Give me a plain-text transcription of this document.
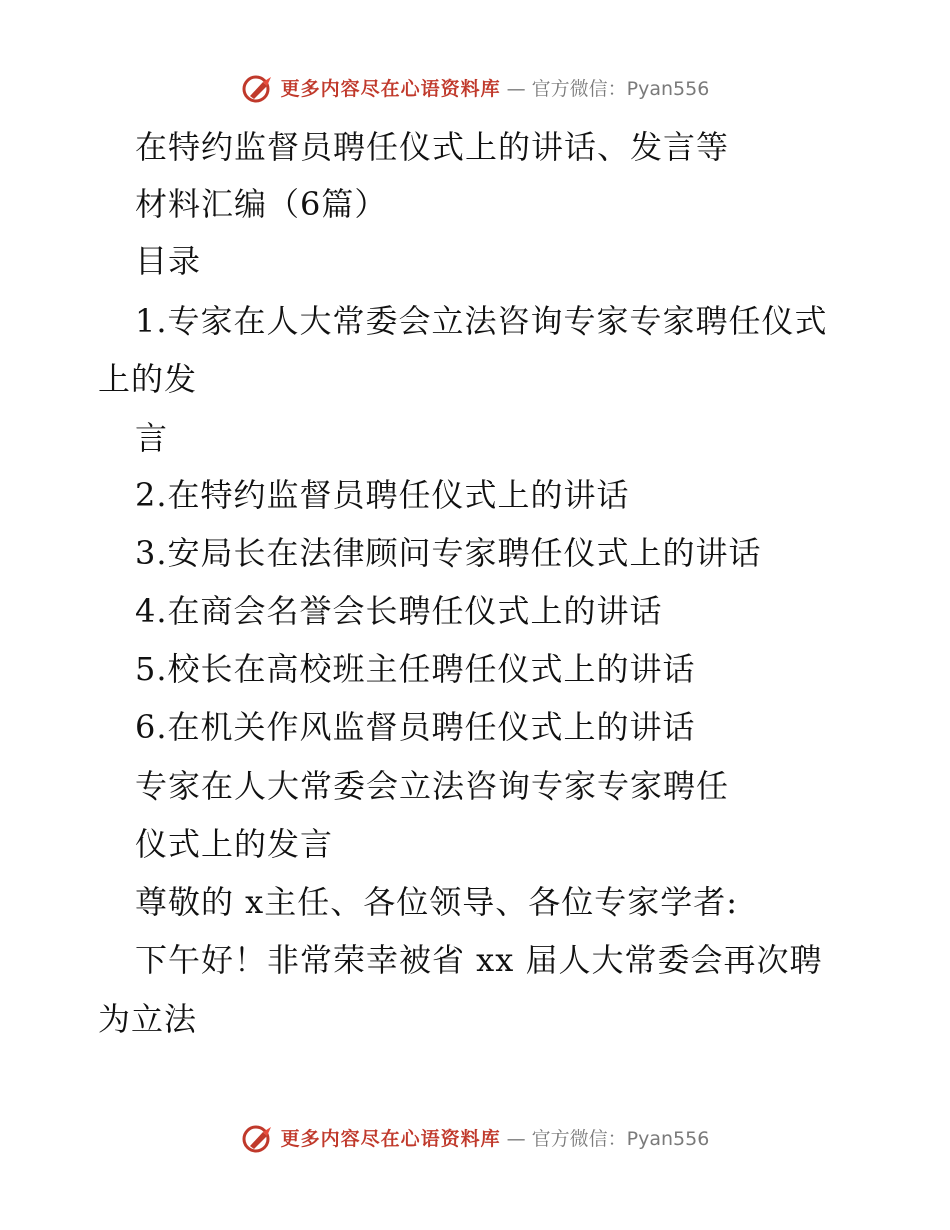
更多内容尽在心语资料库 — 官方微信：Pyan556
在特约监督员聘任仪式上的讲话、发言等
材料汇编（6篇）
目录
1.专家在人大常委会立法咨询专家专家聘任仪式
上的发
言
2.在特约监督员聘任仪式上的讲话
3.安局长在法律顾问专家聘任仪式上的讲话
4.在商会名誉会长聘任仪式上的讲话
5.校长在高校班主任聘任仪式上的讲话
6.在机关作风监督员聘任仪式上的讲话
专家在人大常委会立法咨询专家专家聘任
仪式上的发言
尊敬的 x主任、各位领导、各位专家学者:
下午好！非常荣幸被省 xx 届人大常委会再次聘
为立法
更多内容尽在心语资料库 — 官方微信：Pyan556
